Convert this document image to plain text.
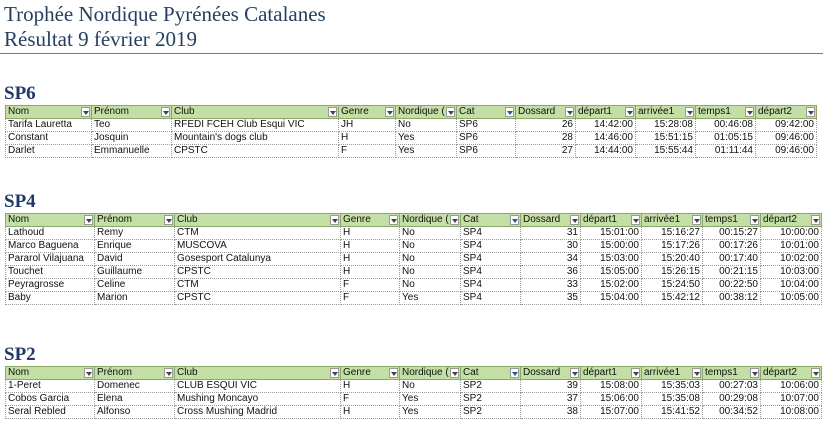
Trophée Nordique Pyrénées Catalanes
Résultat 9 février 2019
SP6
Nom	Prénom	Club	Genre	Nordique (	Cat	Dossard	départ1	arrivée1	temps1	départ2

Tarifa Lauretta	Teo	RFEDI FCEH Club Esqui VIC	JH	No	SP6	26	14:42:00	15:28:08	00:46:08	09:42:00
Constant	Josquin	Mountain's dogs club	H	Yes	SP6	28	14:46:00	15:51:15	01:05:15	09:46:00
Darlet	Emmanuelle	CPSTC	F	Yes	SP6	27	14:44:00	15:55:44	01:11:44	09:46:00
SP4
Nom	Prénom	Club	Genre	Nordique (	Cat	Dossard	départ1	arrivée1	temps1	départ2

Lathoud	Remy	CTM	H	No	SP4	31	15:01:00	15:16:27	00:15:27	10:00:00
Marco Baguena	Enrique	MUSCOVA	H	No	SP4	30	15:00:00	15:17:26	00:17:26	10:01:00
Pararol Vilajuana	David	Gosesport Catalunya	H	No	SP4	34	15:03:00	15:20:40	00:17:40	10:02:00
Touchet	Guillaume	CPSTC	H	No	SP4	36	15:05:00	15:26:15	00:21:15	10:03:00
Peyragrosse	Celine	CTM	F	No	SP4	33	15:02:00	15:24:50	00:22:50	10:04:00
Baby	Marion	CPSTC	F	Yes	SP4	35	15:04:00	15:42:12	00:38:12	10:05:00
SP2
Nom	Prénom	Club	Genre	Nordique (	Cat	Dossard	départ1	arrivée1	temps1	départ2

1-Peret	Domenec	CLUB ESQUI VIC	H	No	SP2	39	15:08:00	15:35:03	00:27:03	10:06:00
Cobos Garcia	Elena	Mushing Moncayo	F	Yes	SP2	37	15:06:00	15:35:08	00:29:08	10:07:00
Seral Rebled	Alfonso	Cross Mushing Madrid	H	Yes	SP2	38	15:07:00	15:41:52	00:34:52	10:08:00
